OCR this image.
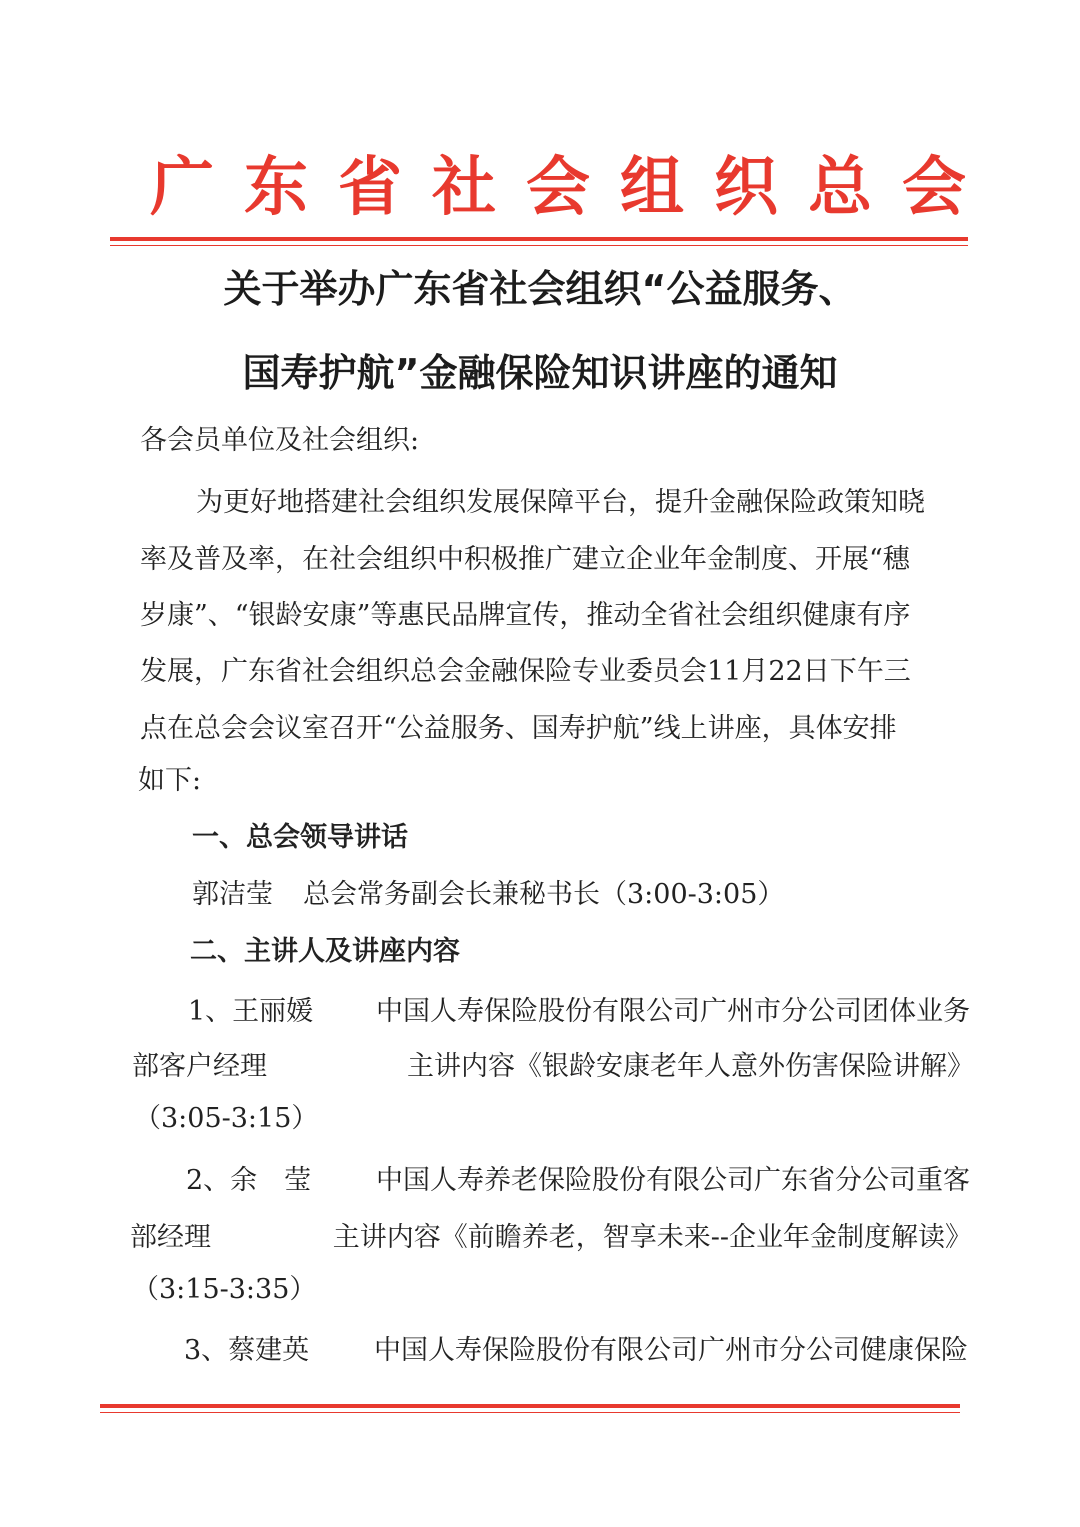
广东省社会组织总会
关于举办广东省社会组织“公益服务、
国寿护航”金融保险知识讲座的通知
各会员单位及社会组织:
为更好地搭建社会组织发展保障平台，提升金融保险政策知晓
率及普及率，在社会组织中积极推广建立企业年金制度、开展“穗
岁康”、“银龄安康”等惠民品牌宣传，推动全省社会组织健康有序
发展，广东省社会组织总会金融保险专业委员会11月22日下午三
点在总会会议室召开“公益服务、国寿护航”线上讲座，具体安排
如下:
一、总会领导讲话
郭洁莹 总会常务副会长兼秘书长（3:00-3:05）
二、主讲人及讲座内容
1、王丽媛 中国人寿保险股份有限公司广州市分公司团体业务
部客户经理	主讲内容《银龄安康老年人意外伤害保险讲解》
（3:05-3:15）
2、余　莹 中国人寿养老保险股份有限公司广东省分公司重客
部经理	主讲内容《前瞻养老，智享未来--企业年金制度解读》
（3:15-3:35）
3、蔡建英 中国人寿保险股份有限公司广州市分公司健康保险
